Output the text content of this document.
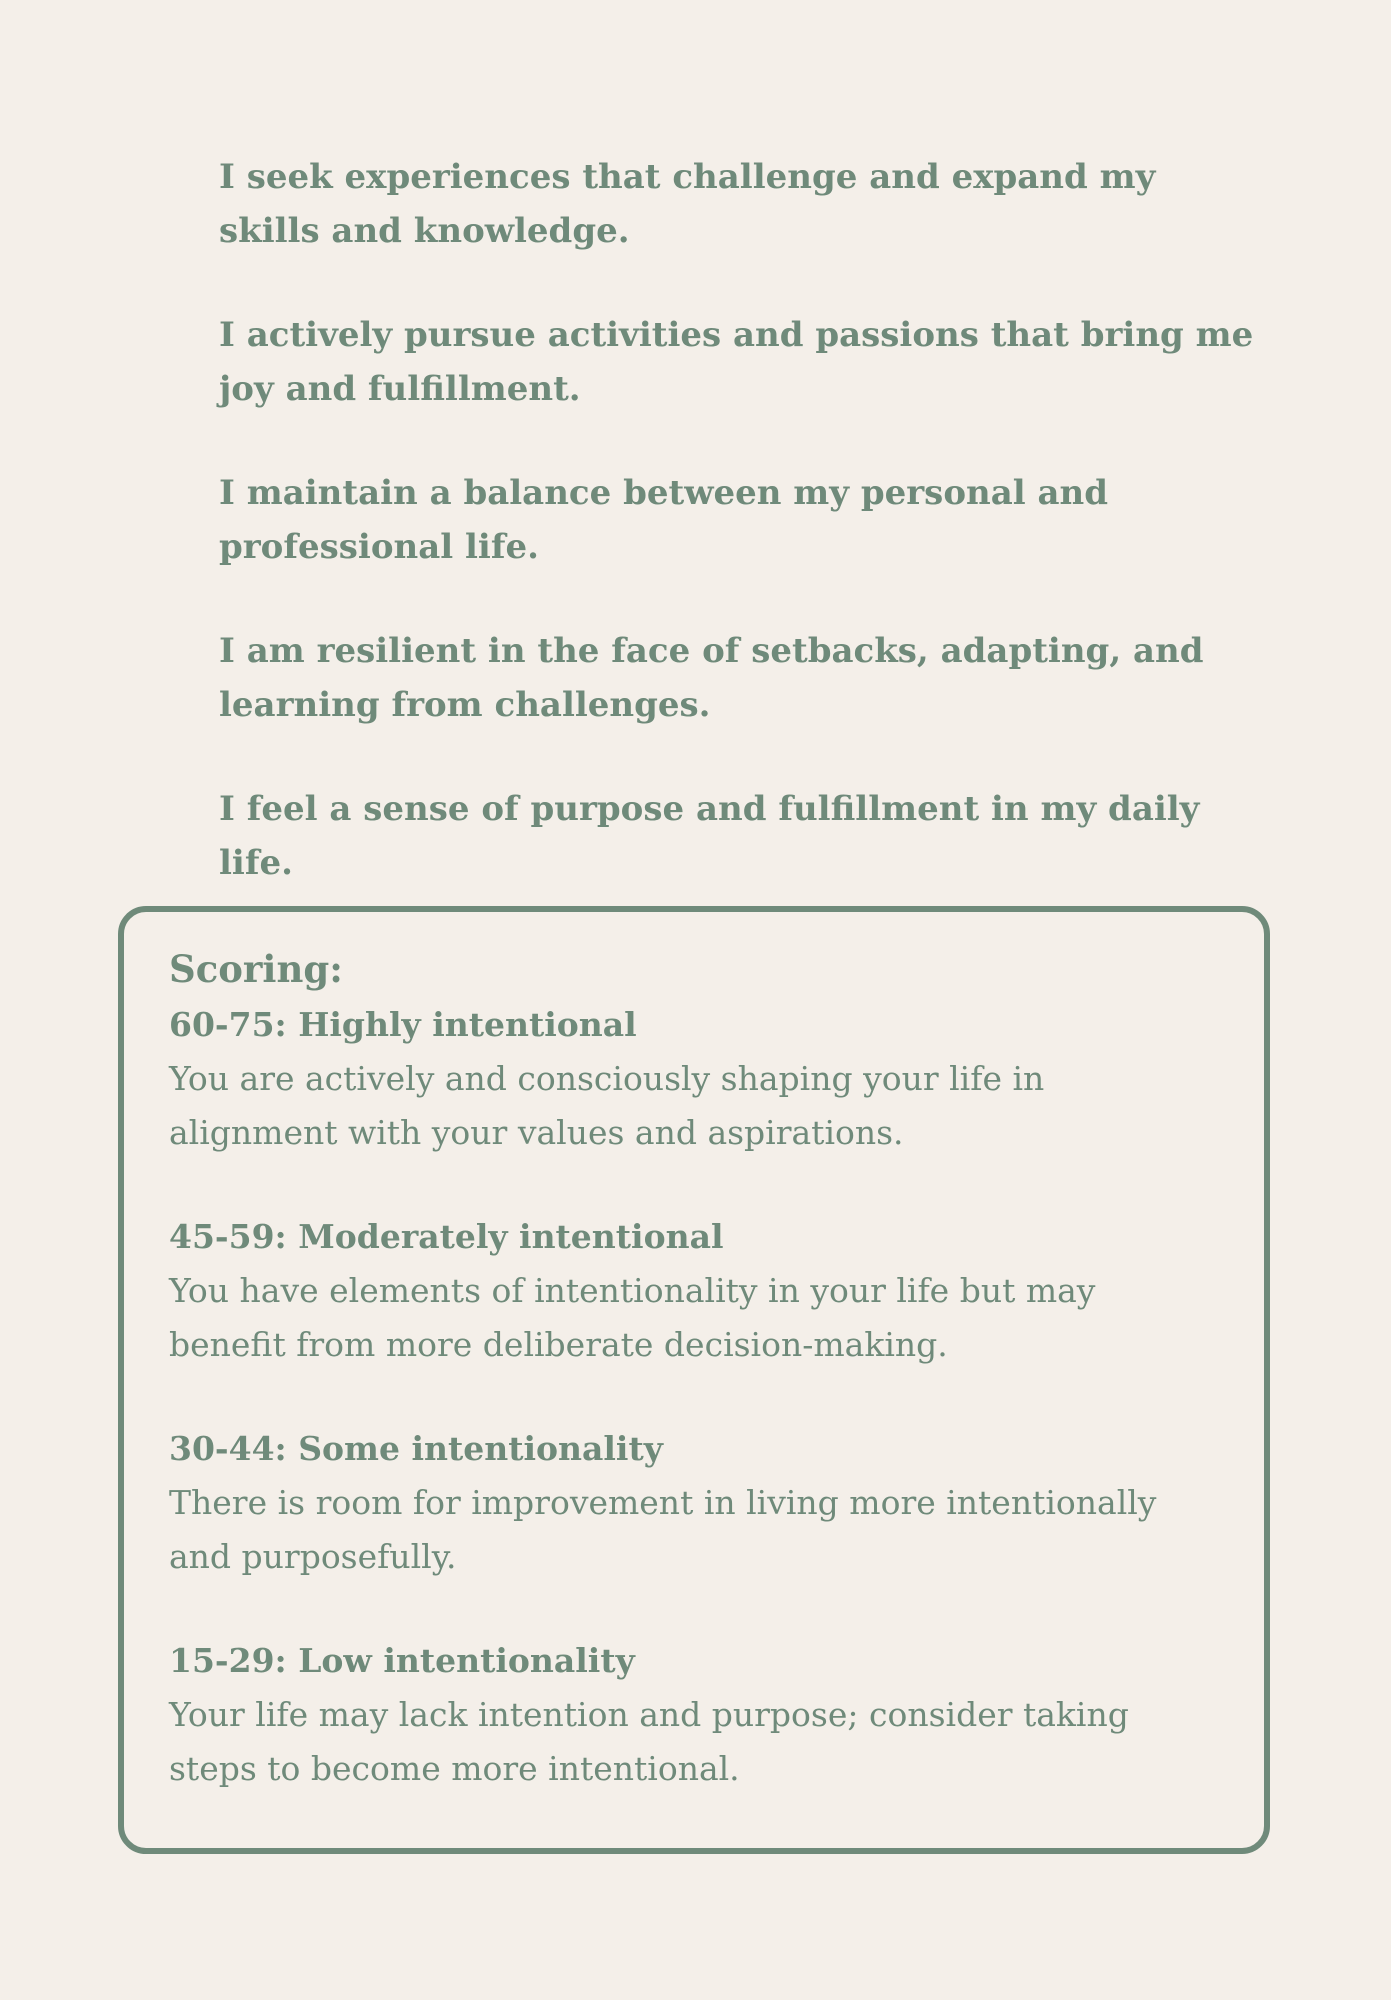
I seek experiences that challenge and expand my skills and knowledge.
I actively pursue activities and passions that bring me joy and fulfillment.
I maintain a balance between my personal and professional life.
I am resilient in the face of setbacks, adapting, and learning from challenges.
I feel a sense of purpose and fulfillment in my daily life.

Scoring:

60-75: Highly intentional

You are actively and consciously shaping your life in alignment with your values and aspirations.

45-59: Moderately intentional

You have elements of intentionality in your life but may benefit from more deliberate decision-making.

30-44: Some intentionality

There is room for improvement in living more intentionally and purposefully.

15-29: Low intentionality

Your life may lack intention and purpose; consider taking steps to become more intentional.
